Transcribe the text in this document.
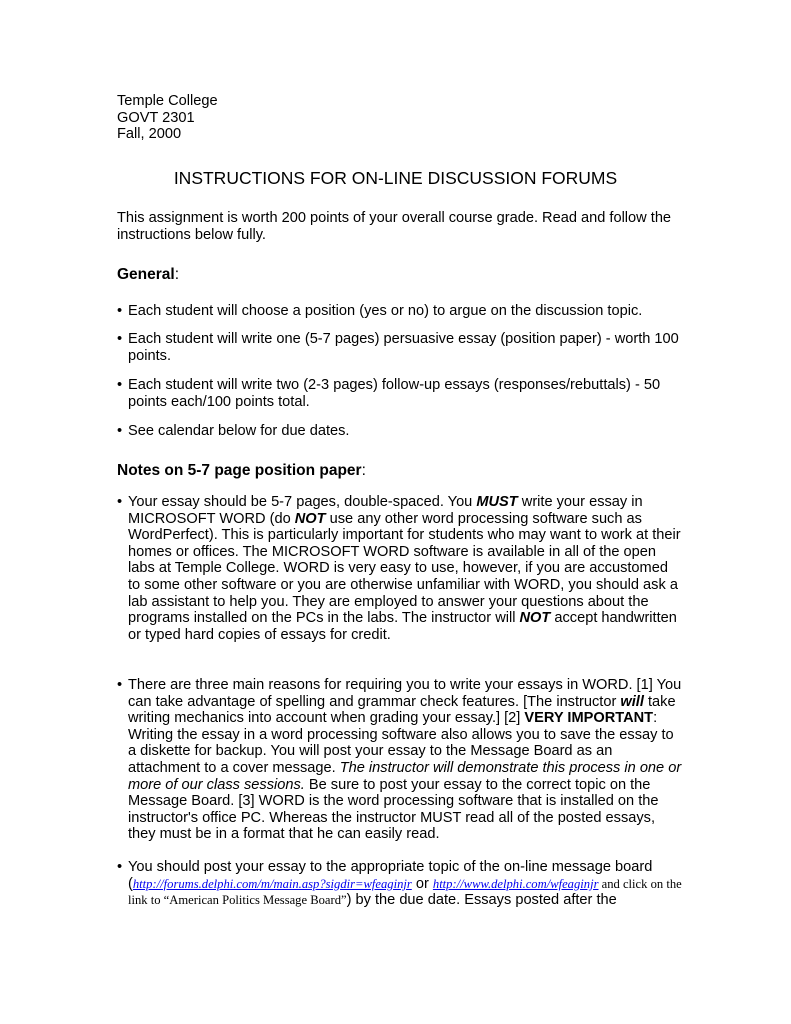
Temple College
GOVT 2301
Fall, 2000
INSTRUCTIONS FOR ON-LINE DISCUSSION FORUMS
This assignment is worth 200 points of your overall course grade. Read and follow the instructions below fully.
General:
• Each student will choose a position (yes or no) to argue on the discussion topic.
• Each student will write one (5-7 pages) persuasive essay (position paper) - worth 100 points.
• Each student will write two (2-3 pages) follow-up essays (responses/rebuttals) - 50 points each/100 points total.
• See calendar below for due dates.
Notes on 5-7 page position paper:
• Your essay should be 5-7 pages, double-spaced. You MUST write your essay in MICROSOFT WORD (do NOT use any other word processing software such as WordPerfect). This is particularly important for students who may want to work at their homes or offices. The MICROSOFT WORD software is available in all of the open labs at Temple College. WORD is very easy to use, however, if you are accustomed to some other software or you are otherwise unfamiliar with WORD, you should ask a lab assistant to help you. They are employed to answer your questions about the programs installed on the PCs in the labs. The instructor will NOT accept handwritten or typed hard copies of essays for credit.
• There are three main reasons for requiring you to write your essays in WORD. [1] You can take advantage of spelling and grammar check features. [The instructor will take writing mechanics into account when grading your essay.] [2] VERY IMPORTANT: Writing the essay in a word processing software also allows you to save the essay to a diskette for backup. You will post your essay to the Message Board as an attachment to a cover message. The instructor will demonstrate this process in one or more of our class sessions. Be sure to post your essay to the correct topic on the Message Board. [3] WORD is the word processing software that is installed on the instructor's office PC. Whereas the instructor MUST read all of the posted essays, they must be in a format that he can easily read.
• You should post your essay to the appropriate topic of the on-line message board (http://forums.delphi.com/m/main.asp?sigdir=wfeaginjr or http://www.delphi.com/wfeaginjr and click on the link to “American Politics Message Board”) by the due date. Essays posted after the
